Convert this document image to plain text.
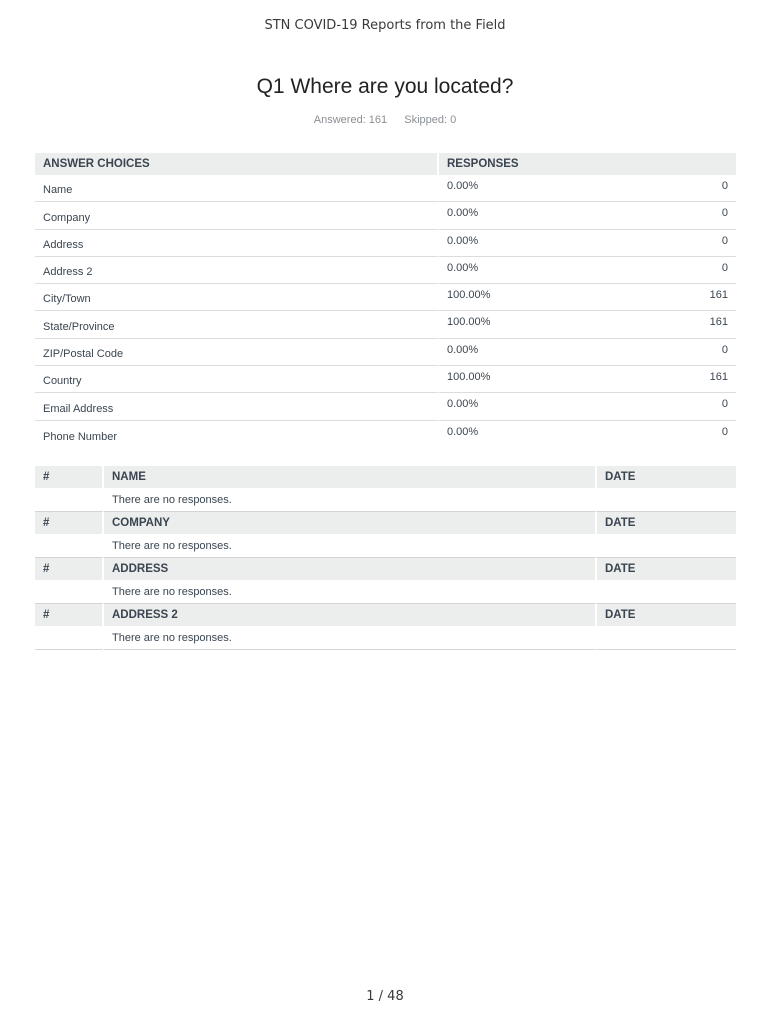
STN COVID-19 Reports from the Field
Q1 Where are you located?
Answered: 161 Skipped: 0
ANSWER CHOICES	RESPONSES	
Name	0.00%	0
Company	0.00%	0
Address	0.00%	0
Address 2	0.00%	0
City/Town	100.00%	161
State/Province	100.00%	161
ZIP/Postal Code	0.00%	0
Country	100.00%	161
Email Address	0.00%	0
Phone Number	0.00%	0
#	NAME	DATE
	There are no responses.	
#	COMPANY	DATE
	There are no responses.	
#	ADDRESS	DATE
	There are no responses.	
#	ADDRESS 2	DATE
	There are no responses.	
1 / 48
